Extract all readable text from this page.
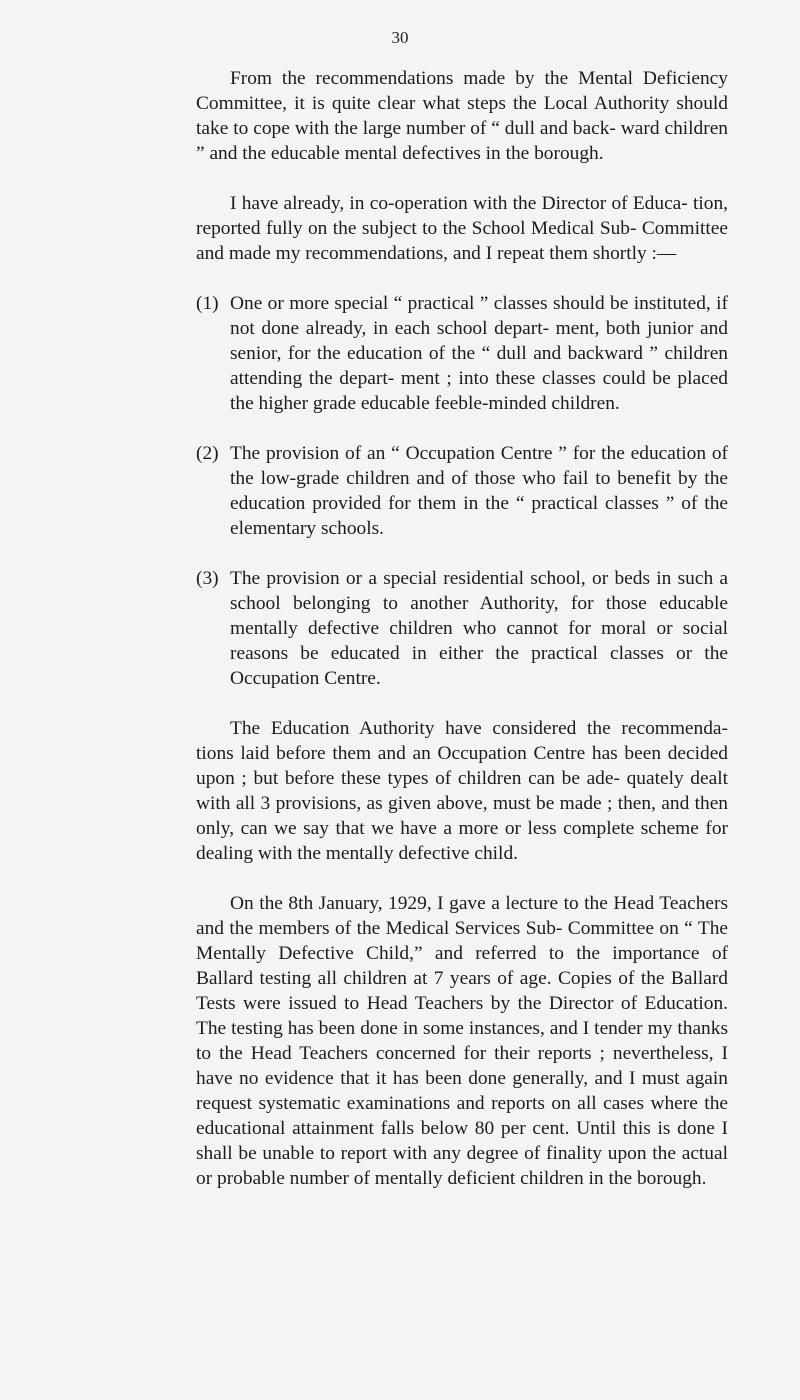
30

From the recommendations made by the Mental Deficiency Committee, it is quite clear what steps the Local Authority should take to cope with the large number of “ dull and back- ward children ” and the educable mental defectives in the borough.

I have already, in co-operation with the Director of Educa- tion, reported fully on the subject to the School Medical Sub- Committee and made my recommendations, and I repeat them shortly :—

(1) One or more special “ practical ” classes should be instituted, if not done already, in each school depart- ment, both junior and senior, for the education of the “ dull and backward ” children attending the depart- ment ; into these classes could be placed the higher grade educable feeble-minded children.
(2) The provision of an “ Occupation Centre ” for the education of the low-grade children and of those who fail to benefit by the education provided for them in the “ practical classes ” of the elementary schools.
(3) The provision or a special residential school, or beds in such a school belonging to another Authority, for those educable mentally defective children who cannot for moral or social reasons be educated in either the practical classes or the Occupation Centre.

The Education Authority have considered the recommenda- tions laid before them and an Occupation Centre has been decided upon ; but before these types of children can be ade- quately dealt with all 3 provisions, as given above, must be made ; then, and then only, can we say that we have a more or less complete scheme for dealing with the mentally defective child.

On the 8th January, 1929, I gave a lecture to the Head Teachers and the members of the Medical Services Sub- Committee on “ The Mentally Defective Child,” and referred to the importance of Ballard testing all children at 7 years of age. Copies of the Ballard Tests were issued to Head Teachers by the Director of Education. The testing has been done in some instances, and I tender my thanks to the Head Teachers concerned for their reports ; nevertheless, I have no evidence that it has been done generally, and I must again request systematic examinations and reports on all cases where the educational attainment falls below 80 per cent. Until this is done I shall be unable to report with any degree of finality upon the actual or probable number of mentally deficient children in the borough.
